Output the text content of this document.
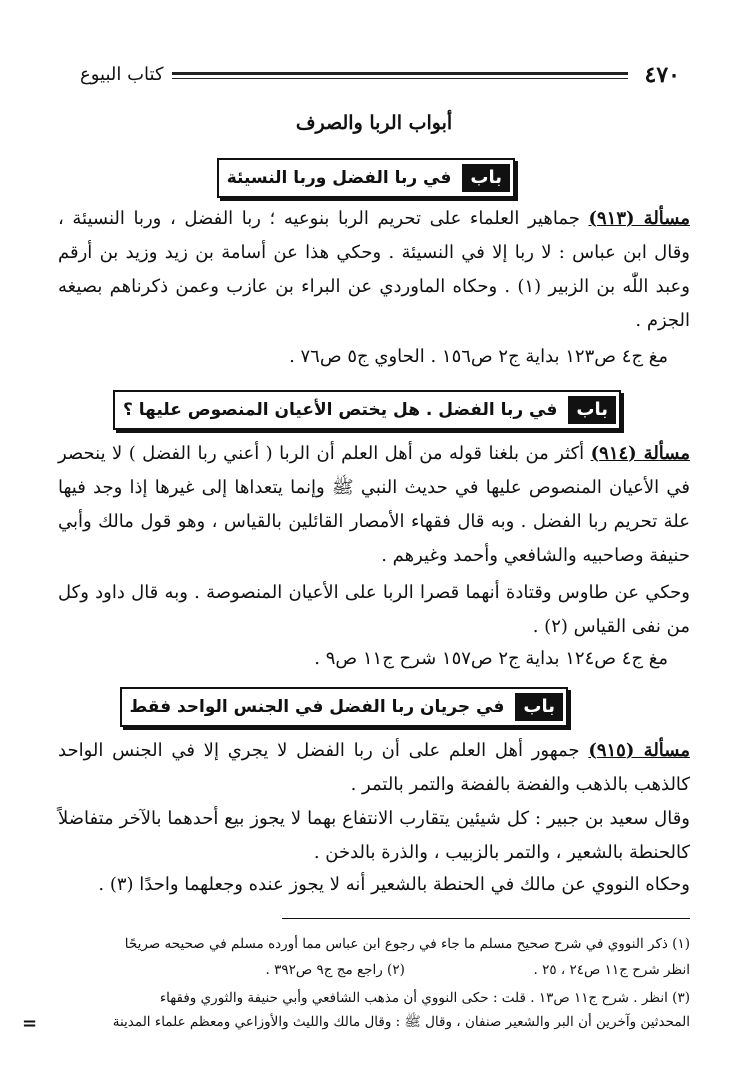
٤٧٠
كتاب البيوع
أبواب الربا والصرف
باب
في ربا الفضل وربا النسيئة
مسألة (٩١٣) جماهير العلماء على تحريم الربا بنوعيه ؛ ربا الفضل ، وربا النسيئة ، وقال ابن عباس : لا ربا إلا في النسيئة . وحكي هذا عن أسامة بن زيد وزيد بن أرقم وعبد اللّٰه بن الزبير (١) . وحكاه الماوردي عن البراء بن عازب وعمن ذكرناهم بصيغه الجزم .
مغ ج٤ ص١٢٣ بداية ج٢ ص١٥٦ . الحاوي ج٥ ص٧٦ .
باب
في ربا الفضل . هل يختص الأعيان المنصوص عليها ؟
مسألة (٩١٤) أكثر من بلغنا قوله من أهل العلم أن الربا ( أعني ربا الفضل ) لا ينحصر في الأعيان المنصوص عليها في حديث النبي ﷺ وإنما يتعداها إلى غيرها إذا وجد فيها علة تحريم ربا الفضل . وبه قال فقهاء الأمصار القائلين بالقياس ، وهو قول مالك وأبي حنيفة وصاحبيه والشافعي وأحمد وغيرهم .
وحكي عن طاوس وقتادة أنهما قصرا الربا على الأعيان المنصوصة . وبه قال داود وكل من نفى القياس (٢) .
مغ ج٤ ص١٢٤ بداية ج٢ ص١٥٧ شرح ج١١ ص٩ .
باب
في جريان ربا الفضل في الجنس الواحد فقط
مسألة (٩١٥) جمهور أهل العلم على أن ربا الفضل لا يجري إلا في الجنس الواحد كالذهب بالذهب والفضة بالفضة والتمر بالتمر .
وقال سعيد بن جبير : كل شيئين يتقارب الانتفاع بهما لا يجوز بيع أحدهما بالآخر متفاضلاً كالحنطة بالشعير ، والتمر بالزبيب ، والذرة بالدخن .
وحكاه النووي عن مالك في الحنطة بالشعير أنه لا يجوز عنده وجعلهما واحدًا (٣) .
(١) ذكر النووي في شرح صحيح مسلم ما جاء في رجوع ابن عباس مما أورده مسلم في صحيحه صريحًا
انظر شرح ج١١ ص٢٤ ، ٢٥ .  (٢) راجع مج ج٩ ص٣٩٢ .
(٣) انظر . شرح ج١١ ص١٣ . قلت : حكى النووي أن مذهب الشافعي وأبي حنيفة والثوري وفقهاء
المحدثين وآخرين أن البر والشعير صنفان ، وقال ﷺ : وقال مالك والليث والأوزاعي ومعظم علماء المدينة
=
